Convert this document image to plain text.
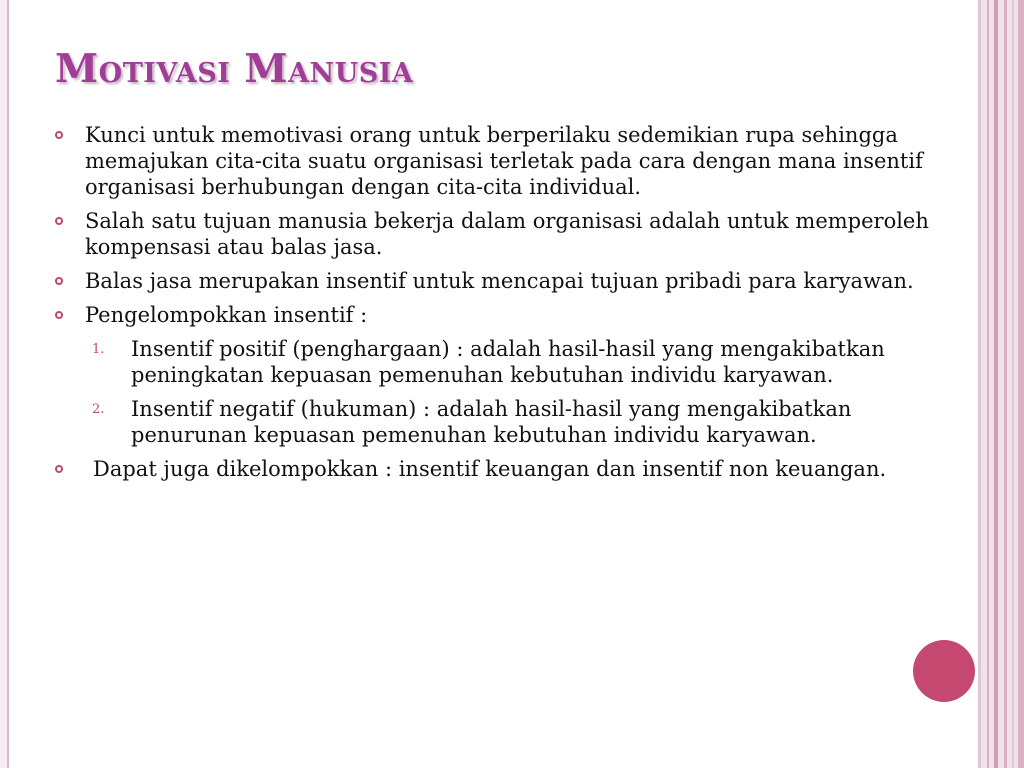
Motivasi Manusia
Kunci untuk memotivasi orang untuk berperilaku sedemikian rupa sehingga memajukan cita-cita suatu organisasi terletak pada cara dengan mana insentif organisasi berhubungan dengan cita-cita individual.
Salah satu tujuan manusia bekerja dalam organisasi adalah untuk memperoleh kompensasi atau balas jasa.
Balas jasa merupakan insentif untuk mencapai tujuan pribadi para karyawan.
Pengelompokkan insentif :
1. Insentif positif (penghargaan) : adalah hasil-hasil yang mengakibatkan peningkatan kepuasan pemenuhan kebutuhan individu karyawan.
2. Insentif negatif (hukuman) : adalah hasil-hasil yang mengakibatkan penurunan kepuasan pemenuhan kebutuhan individu karyawan.
Dapat juga dikelompokkan : insentif keuangan dan insentif non keuangan.
